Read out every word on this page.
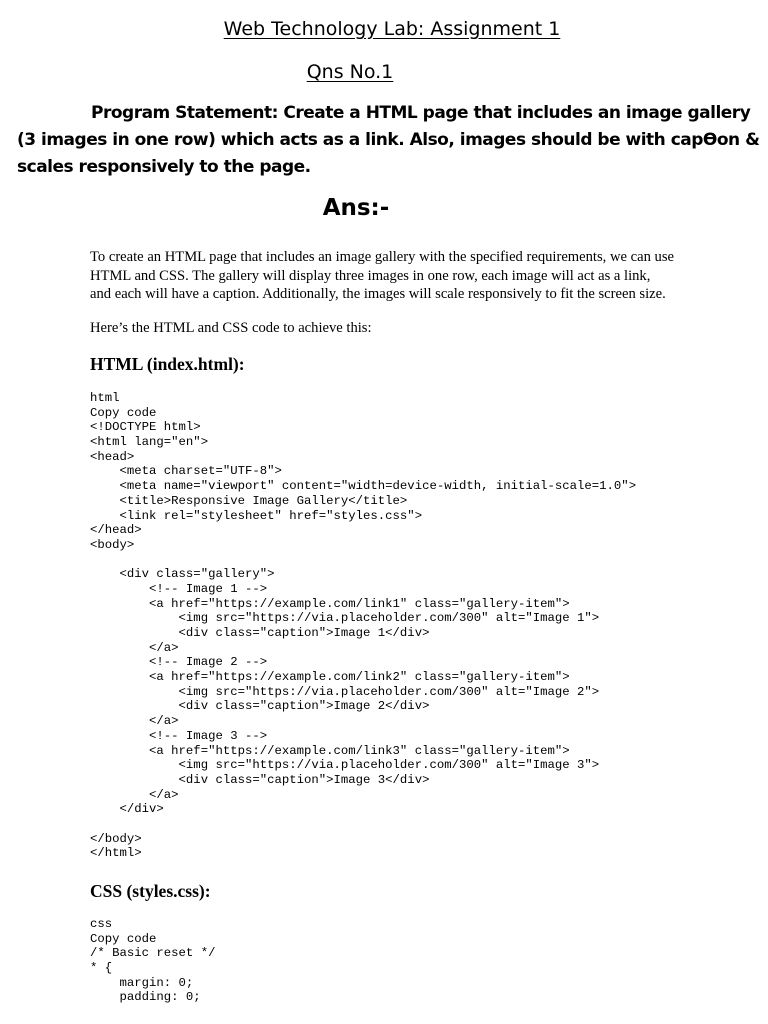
Web Technology Lab: Assignment 1
Qns No.1
Program Statement: Create a HTML page that includes an image gallery
(3 images in one row) which acts as a link. Also, images should be with capϴon &
scales responsively to the page.
Ans:-
To create an HTML page that includes an image gallery with the specified requirements, we can use
HTML and CSS. The gallery will display three images in one row, each image will act as a link,
and each will have a caption. Additionally, the images will scale responsively to fit the screen size.
Here’s the HTML and CSS code to achieve this:
HTML (index.html):
html
Copy code
<!DOCTYPE html>
<html lang="en">
<head>
<meta charset="UTF-8">
<meta name="viewport" content="width=device-width, initial-scale=1.0">
<title>Responsive Image Gallery</title>
<link rel="stylesheet" href="styles.css">
</head>
<body>
<div class="gallery">
<!-- Image 1 -->
<a href="https://example.com/link1" class="gallery-item">
<img src="https://via.placeholder.com/300" alt="Image 1">
<div class="caption">Image 1</div>
</a>
<!-- Image 2 -->
<a href="https://example.com/link2" class="gallery-item">
<img src="https://via.placeholder.com/300" alt="Image 2">
<div class="caption">Image 2</div>
</a>
<!-- Image 3 -->
<a href="https://example.com/link3" class="gallery-item">
<img src="https://via.placeholder.com/300" alt="Image 3">
<div class="caption">Image 3</div>
</a>
</div>
</body>
</html>
CSS (styles.css):
css
Copy code
/* Basic reset */
* {
margin: 0;
padding: 0;
